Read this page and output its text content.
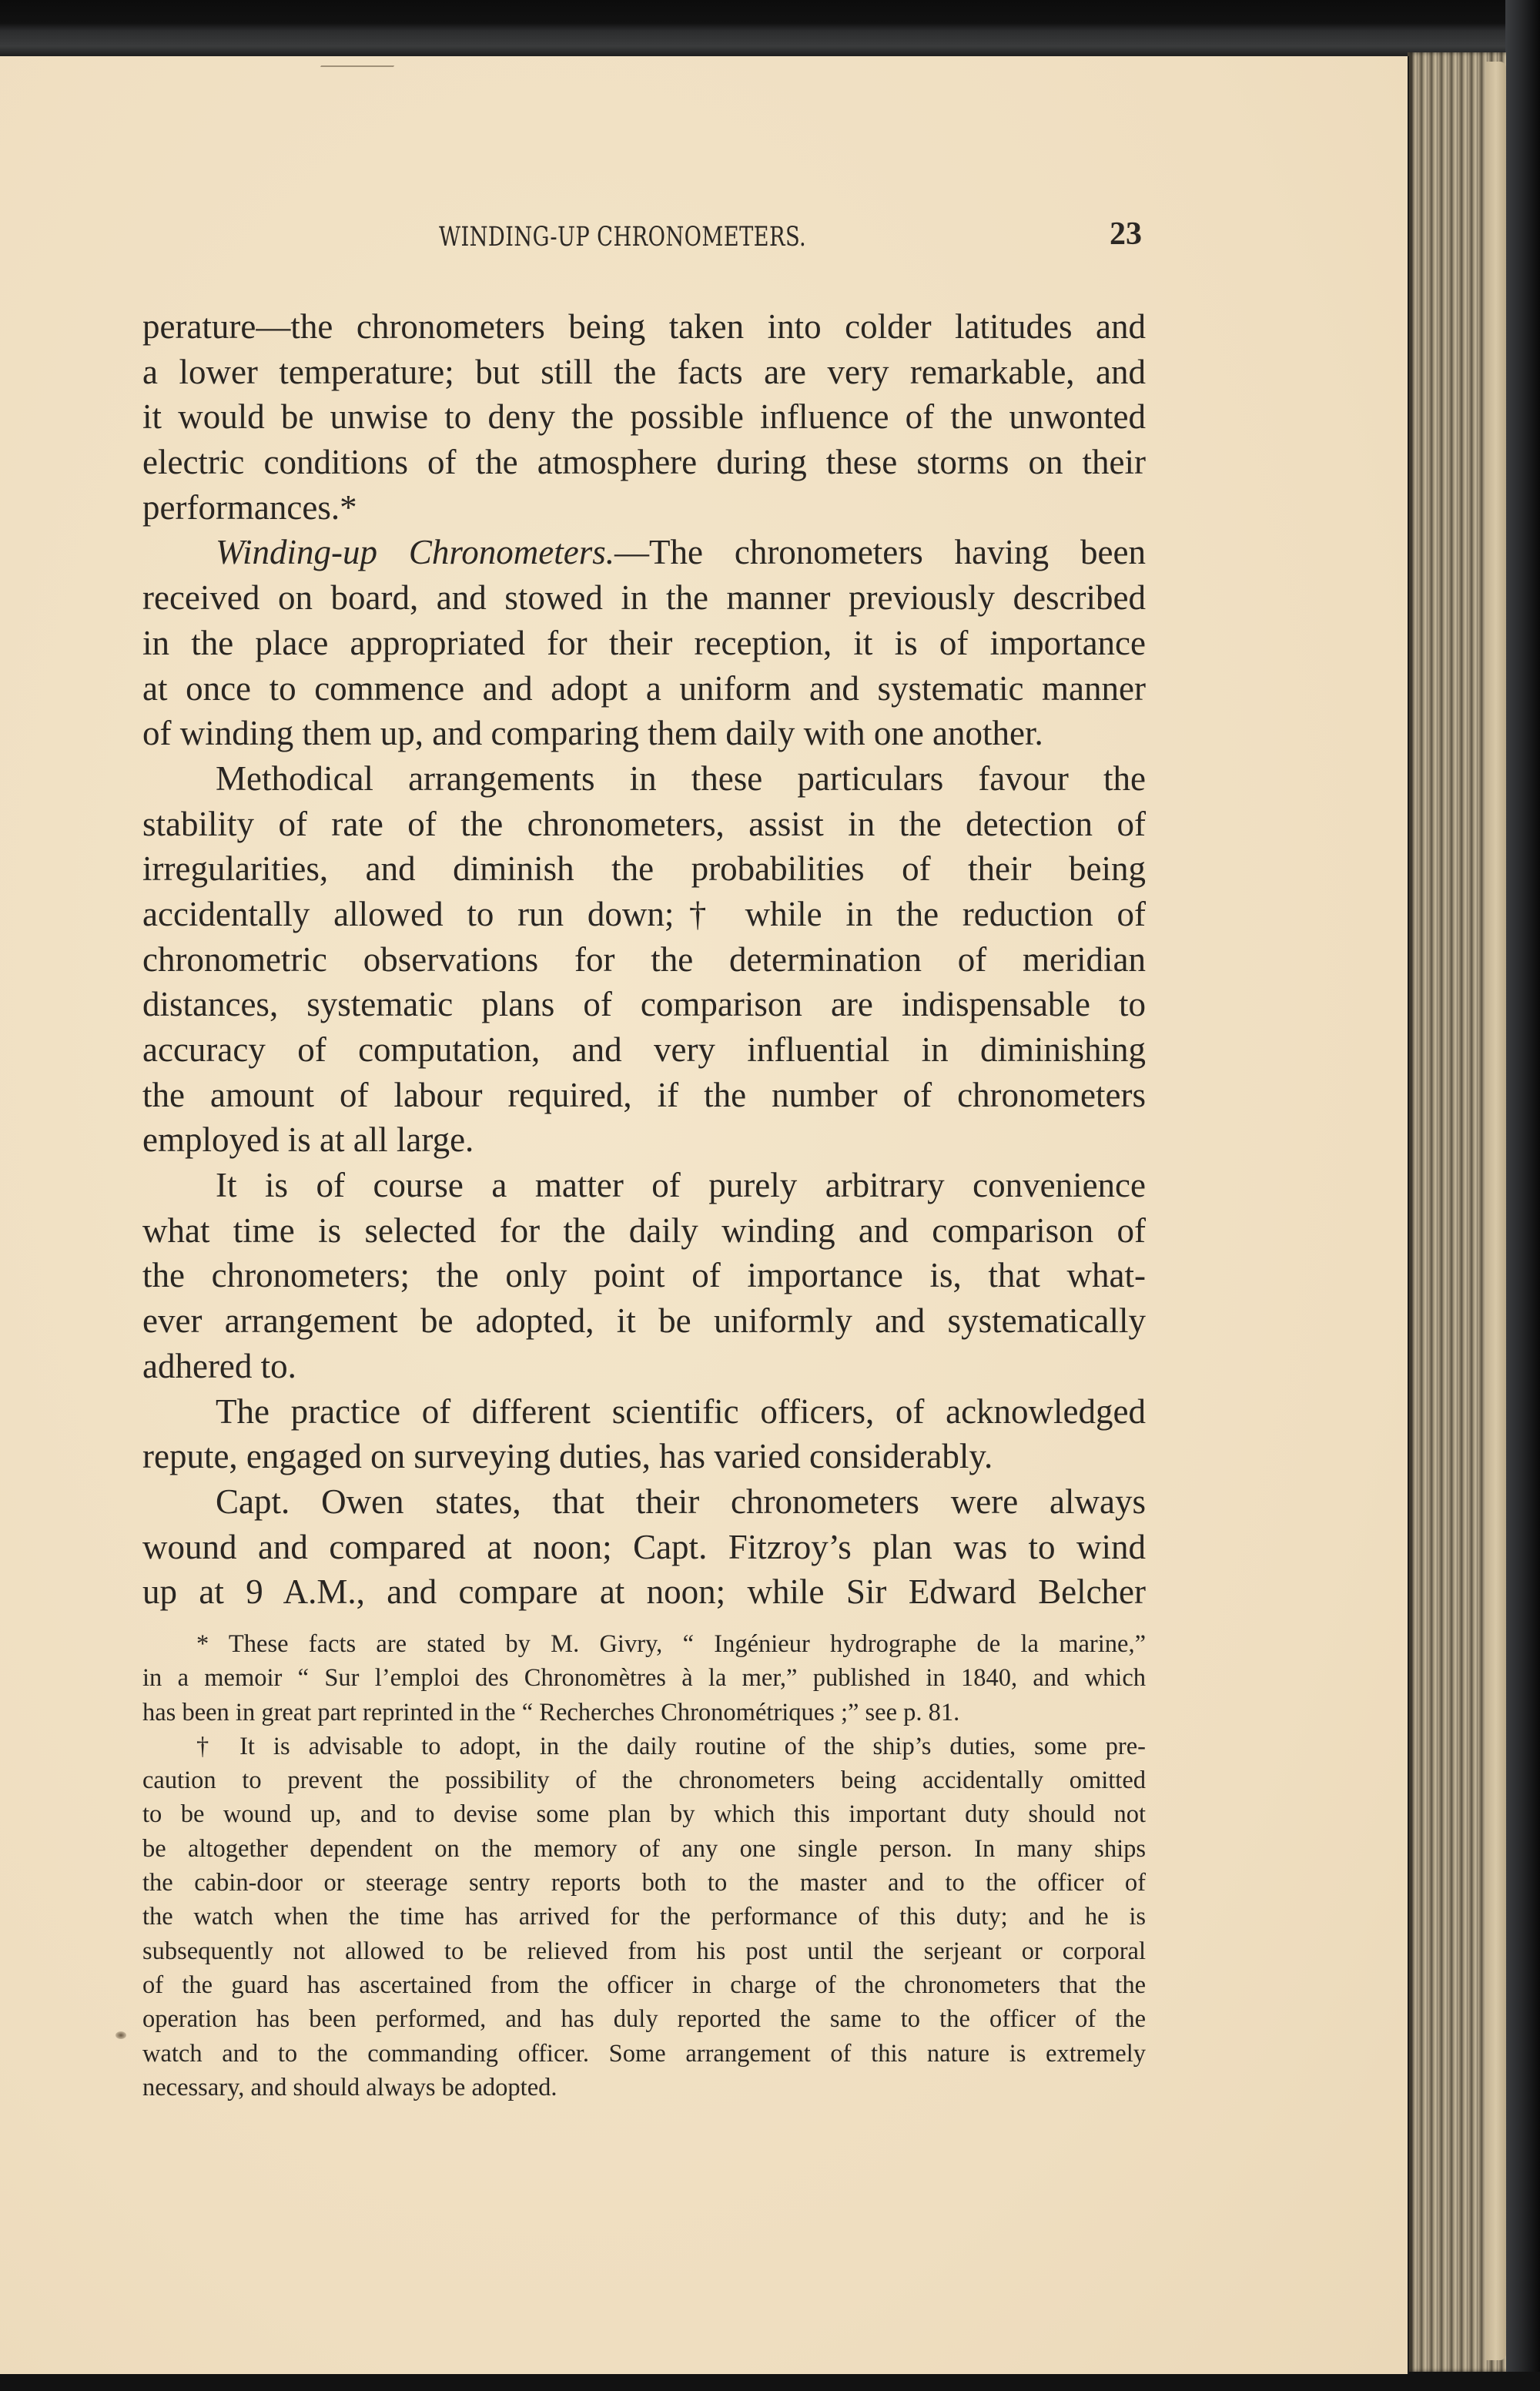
WINDING-UP CHRONOMETERS.	23
perature—the chronometers being taken into colder latitudes and
a lower temperature; but still the facts are very remarkable, and
it would be unwise to deny the possible influence of the unwonted
electric conditions of the atmosphere during these storms on their
performances.*
Winding-up Chronometers.—The chronometers having been
received on board, and stowed in the manner previously described
in the place appropriated for their reception, it is of importance
at once to commence and adopt a uniform and systematic manner
of winding them up, and comparing them daily with one another.
Methodical arrangements in these particulars favour the
stability of rate of the chronometers, assist in the detection of
irregularities, and diminish the probabilities of their being
accidentally allowed to run down;† while in the reduction of
chronometric observations for the determination of meridian
distances, systematic plans of comparison are indispensable to
accuracy of computation, and very influential in diminishing
the amount of labour required, if the number of chronometers
employed is at all large.
It is of course a matter of purely arbitrary convenience
what time is selected for the daily winding and comparison of
the chronometers; the only point of importance is, that what-
ever arrangement be adopted, it be uniformly and systematically
adhered to.
The practice of different scientific officers, of acknowledged
repute, engaged on surveying duties, has varied considerably.
Capt. Owen states, that their chronometers were always
wound and compared at noon; Capt. Fitzroy’s plan was to wind
up at 9 A.M., and compare at noon; while Sir Edward Belcher
* These facts are stated by M. Givry, “ Ingénieur hydrographe de la marine,”
in a memoir “ Sur l’emploi des Chronomètres à la mer,” published in 1840, and which
has been in great part reprinted in the “ Recherches Chronométriques ;” see p. 81.
† It is advisable to adopt, in the daily routine of the ship’s duties, some pre-
caution to prevent the possibility of the chronometers being accidentally omitted
to be wound up, and to devise some plan by which this important duty should not
be altogether dependent on the memory of any one single person. In many ships
the cabin-door or steerage sentry reports both to the master and to the officer of
the watch when the time has arrived for the performance of this duty; and he is
subsequently not allowed to be relieved from his post until the serjeant or corporal
of the guard has ascertained from the officer in charge of the chronometers that the
operation has been performed, and has duly reported the same to the officer of the
watch and to the commanding officer. Some arrangement of this nature is extremely
necessary, and should always be adopted.
